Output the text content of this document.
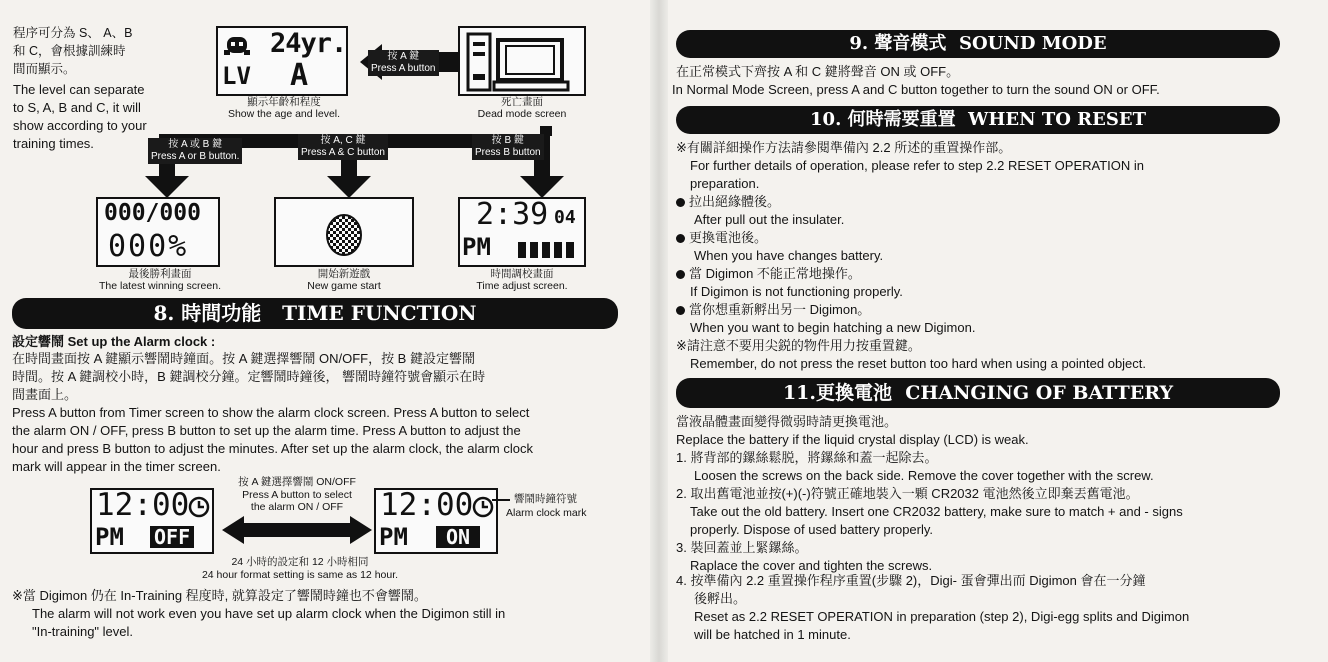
程序可分為 S、 A、B
和 C，會根據訓練時
間而顯示。
The level can separate
to S, A, B and C, it will
show according to your
training times.
24yr.
LV A
顯示年齡和程度
Show the age and level.
按 A 鍵
Press A button
死亡畫面
Dead mode screen
按 A 或 B 鍵
Press A or B button.
按 A, C 鍵
Press A & C button
按 B 鍵
Press B button
000/000
000%
最後勝利畫面
The latest winning screen.
開始新遊戲
New game start
2:39 04
PM
時間調校畫面
Time adjust screen.
8. 時間功能 TIME FUNCTION
設定響鬧 Set up the Alarm clock :
在時間畫面按 A 鍵顯示響鬧時鐘面。按 A 鍵選擇響鬧 ON/OFF，按 B 鍵設定響鬧
時間。按 A 鍵調校小時，B 鍵調校分鐘。定響鬧時鐘後， 響鬧時鐘符號會顯示在時
間畫面上。
Press A button from Timer screen to show the alarm clock screen. Press A button to select
the alarm ON / OFF, press B button to set up the alarm time. Press A button to adjust the
hour and press B button to adjust the minutes. After set up the alarm clock, the alarm clock
mark will appear in the timer screen.
12:00
PM OFF
按 A 鍵選擇響鬧 ON/OFF
Press A button to select
the alarm ON / OFF	12:00
PM	ON
響鬧時鐘符號
Alarm clock mark
24 小時的設定和 12 小時相同
24 hour format setting is same as 12 hour.
※當 Digimon 仍在 In-Training 程度時, 就算設定了響鬧時鐘也不會響鬧。
The alarm will not work even you have set up alarm clock when the Digimon still in
"In-training" level.
9. 聲音模式 SOUND MODE
在正常模式下齊按 A 和 C 鍵將聲音 ON 或 OFF。
In Normal Mode Screen, press A and C button together to turn the sound ON or OFF.
10. 何時需要重置 WHEN TO RESET
※有關詳細操作方法請參閱準備內 2.2 所述的重置操作部。
For further details of operation, please refer to step 2.2 RESET OPERATION in
preparation.
拉出絕緣體後。
After pull out the insulater.
更換電池後。
When you have changes battery.
當 Digimon 不能正常地操作。
If Digimon is not functioning properly.
當你想重新孵出另一 Digimon。
When you want to begin hatching a new Digimon.
※請注意不要用尖鋭的物件用力按重置鍵。
Remember, do not press the reset button too hard when using a pointed object.
11.更換電池 CHANGING OF BATTERY
當液晶體畫面變得微弱時請更換電池。
Replace the battery if the liquid crystal display (LCD) is weak.
1. 將背部的鏍絲鬆脱，將鏍絲和蓋一起除去。
Loosen the screws on the back side. Remove the cover together with the screw.
2. 取出舊電池並按(+)(-)符號正確地裝入一顆 CR2032 電池然後立即棄丟舊電池。
Take out the old battery. Insert one CR2032 battery, make sure to match + and - signs
properly. Dispose of used battery properly.
3. 裝回蓋並上緊鏍絲。
Raplace the cover and tighten the screws.
4. 按準備內 2.2 重置操作程序重置(步驟 2)，Digi- 蛋會彈出而 Digimon 會在一分鐘
後孵出。
Reset as 2.2 RESET OPERATION in preparation (step 2), Digi-egg splits and Digimon
will be hatched in 1 minute.
